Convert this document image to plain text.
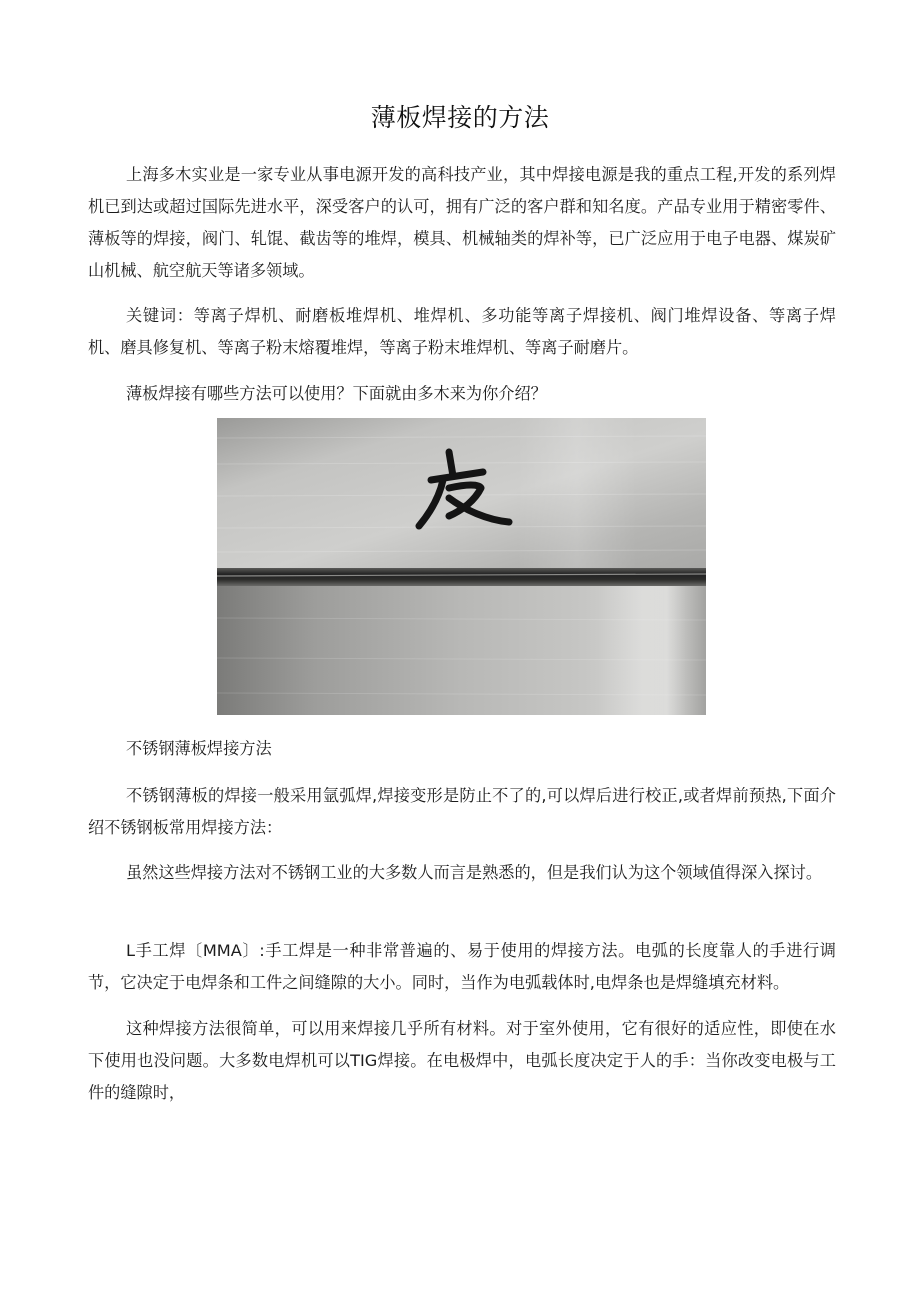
薄板焊接的方法

上海多木实业是一家专业从事电源开发的高科技产业，其中焊接电源是我的重点工程,开发的系列焊机已到达或超过国际先进水平，深受客户的认可，拥有广泛的客户群和知名度。产品专业用于精密零件、薄板等的焊接，阀门、轧馄、截齿等的堆焊，模具、机械轴类的焊补等，已广泛应用于电子电器、煤炭矿山机械、航空航天等诸多领域。

关键词：等离子焊机、耐磨板堆焊机、堆焊机、多功能等离子焊接机、阀门堆焊设备、等离子焊机、磨具修复机、等离子粉末熔覆堆焊，等离子粉末堆焊机、等离子耐磨片。

薄板焊接有哪些方法可以使用？下面就由多木来为你介绍？

不锈钢薄板焊接方法

不锈钢薄板的焊接一般采用氩弧焊,焊接变形是防止不了的,可以焊后进行校正,或者焊前预热,下面介绍不锈钢板常用焊接方法：

虽然这些焊接方法对不锈钢工业的大多数人而言是熟悉的，但是我们认为这个领域值得深入探讨。

L手工焊〔MMA〕:手工焊是一种非常普遍的、易于使用的焊接方法。电弧的长度靠人的手进行调节，它决定于电焊条和工件之间缝隙的大小。同时，当作为电弧载体时,电焊条也是焊缝填充材料。

这种焊接方法很简单，可以用来焊接几乎所有材料。对于室外使用，它有很好的适应性，即使在水下使用也没问题。大多数电焊机可以TIG焊接。在电极焊中，电弧长度决定于人的手：当你改变电极与工件的缝隙时，
